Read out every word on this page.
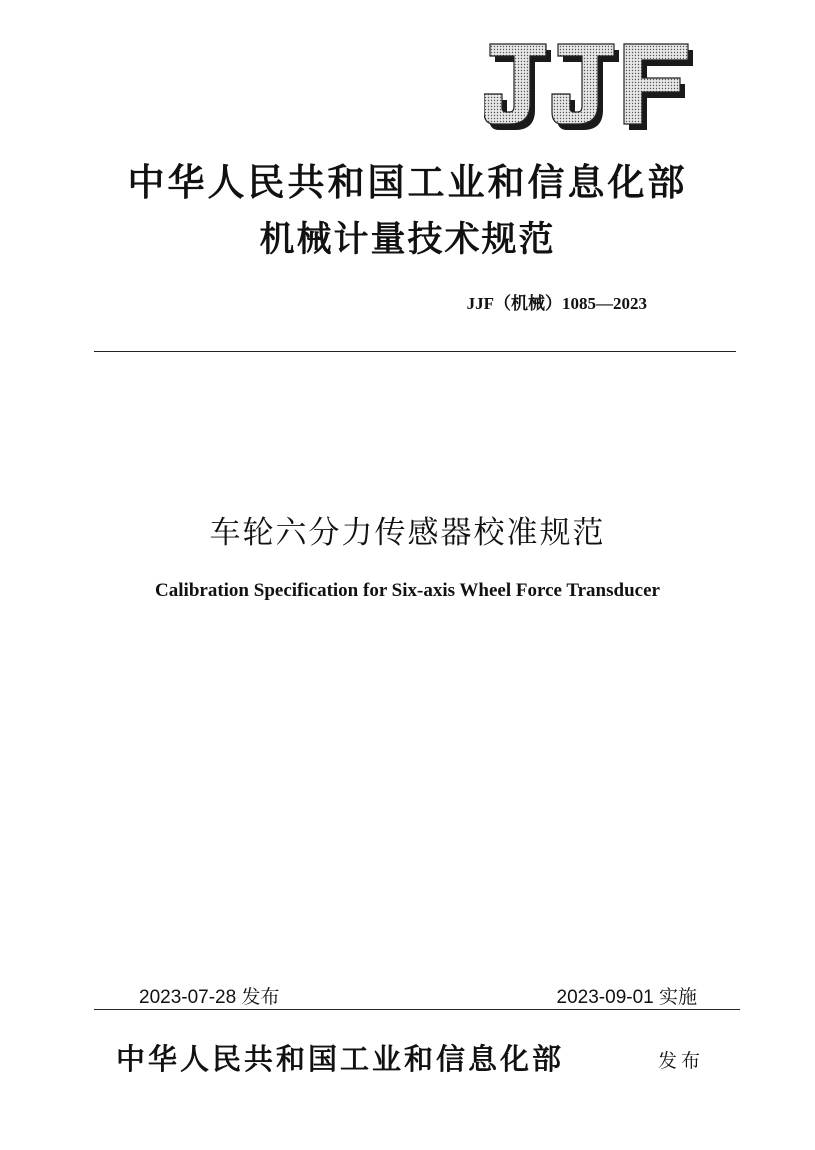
中华人民共和国工业和信息化部
机械计量技术规范
JJF（机械）1085—2023
车轮六分力传感器校准规范
Calibration Specification for Six-axis Wheel Force Transducer
2023-07-28 发布	2023-09-01 实施
中华人民共和国工业和信息化部	发布
